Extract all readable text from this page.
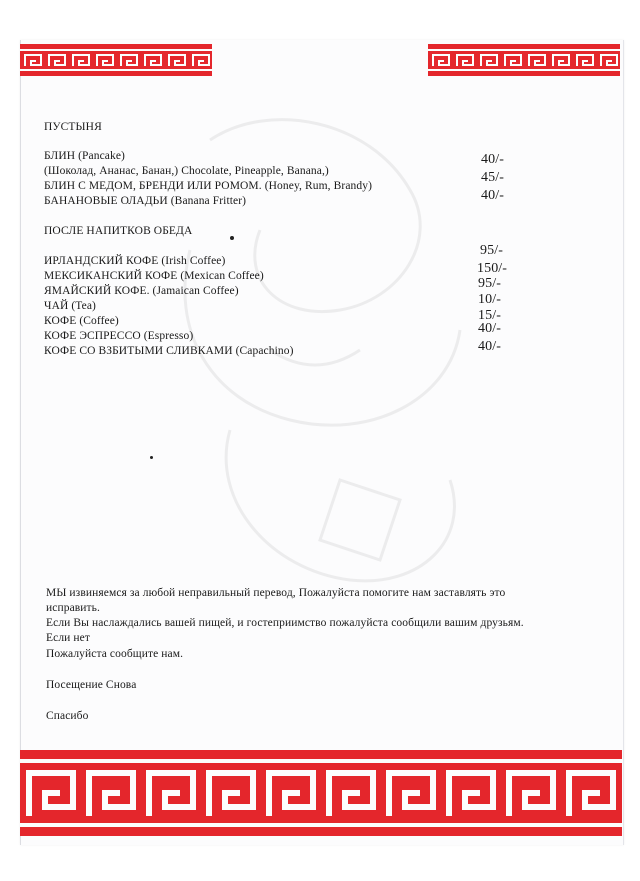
ПУСТЫНЯ
БЛИН (Pancake)
(Шоколад, Ананас, Банан,) Chocolate, Pineapple, Banana,)
БЛИН С МЕДОМ, БРЕНДИ ИЛИ РОМОМ. (Honey, Rum, Brandy)
БАНАНОВЫЕ ОЛАДЬИ (Banana Fritter)
40/-
45/-
40/-
ПОСЛЕ НАПИТКОВ ОБЕДА
ИРЛАНДСКИЙ КОФЕ (Irish Coffee)
МЕКСИКАНСКИЙ КОФЕ (Mexican Coffee)
ЯМАЙСКИЙ КОФЕ. (Jamaican Coffee)
ЧАЙ (Tea)
КОФЕ (Coffee)
КОФЕ ЭСПРЕССО (Espresso)
КОФЕ СО ВЗБИТЫМИ СЛИВКАМИ (Capachino)
95/-
150/-
95/-
10/-
15/-
40/-
40/-
МЫ извиняемся за любой неправильный перевод, Пожалуйста помогите нам заставлять это
исправить.
Если Вы наслаждались вашей пищей, и гостеприимство пожалуйста сообщили вашим друзьям.
Если нет
Пожалуйста сообщите нам.
Посещение Снова
Спасибо
